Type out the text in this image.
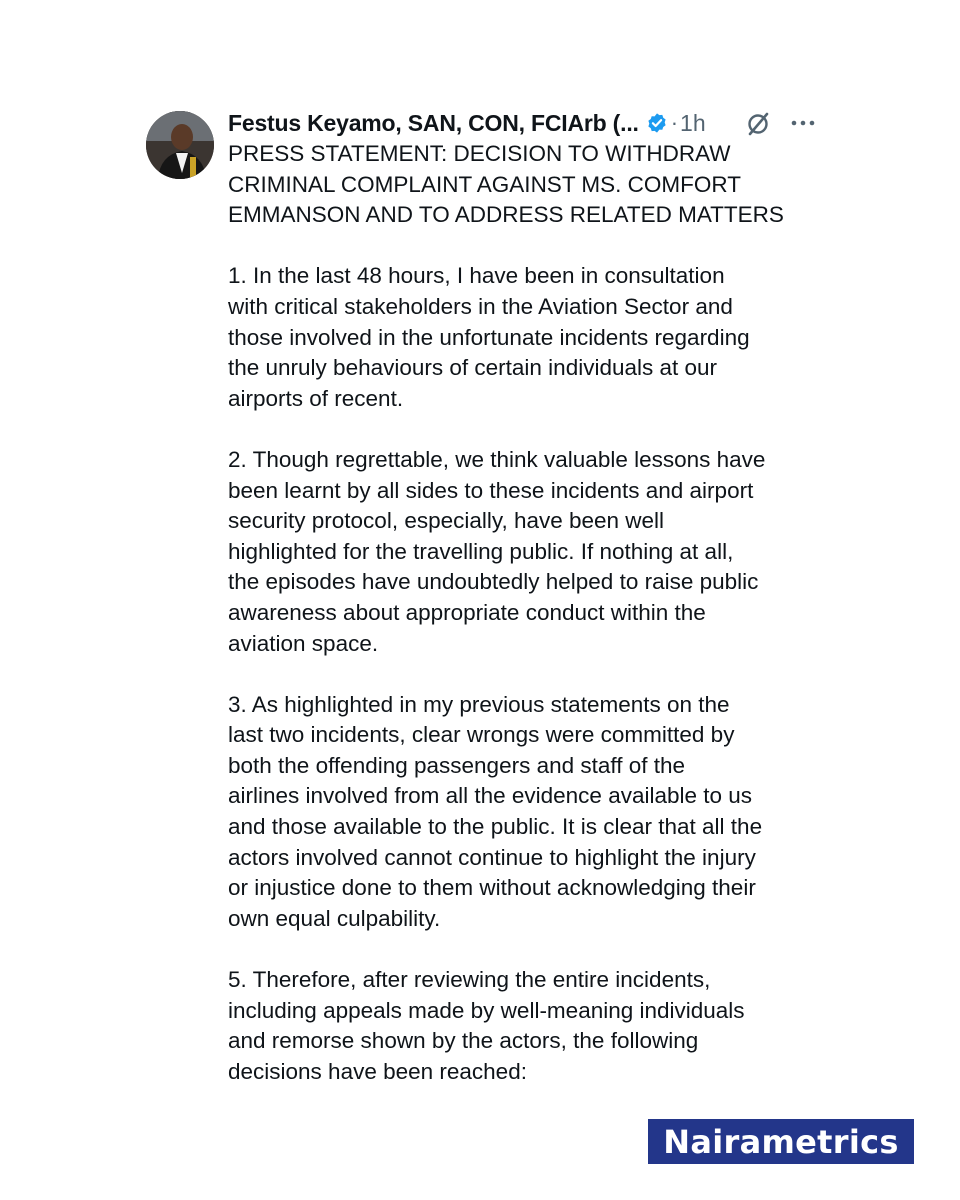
Festus Keyamo, SAN, CON, FCIArb (... · 1h
PRESS STATEMENT: DECISION TO WITHDRAW
CRIMINAL COMPLAINT AGAINST MS. COMFORT
EMMANSON AND TO ADDRESS RELATED MATTERS
1. In the last 48 hours, I have been in consultation
with critical stakeholders in the Aviation Sector and
those involved in the unfortunate incidents regarding
the unruly behaviours of certain individuals at our
airports of recent.
2. Though regrettable, we think valuable lessons have
been learnt by all sides to these incidents and airport
security protocol, especially, have been well
highlighted for the travelling public. If nothing at all,
the episodes have undoubtedly helped to raise public
awareness about appropriate conduct within the
aviation space.
3. As highlighted in my previous statements on the
last two incidents, clear wrongs were committed by
both the offending passengers and staff of the
airlines involved from all the evidence available to us
and those available to the public. It is clear that all the
actors involved cannot continue to highlight the injury
or injustice done to them without acknowledging their
own equal culpability.
5. Therefore, after reviewing the entire incidents,
including appeals made by well-meaning individuals
and remorse shown by the actors, the following
decisions have been reached:
Nairametrics
